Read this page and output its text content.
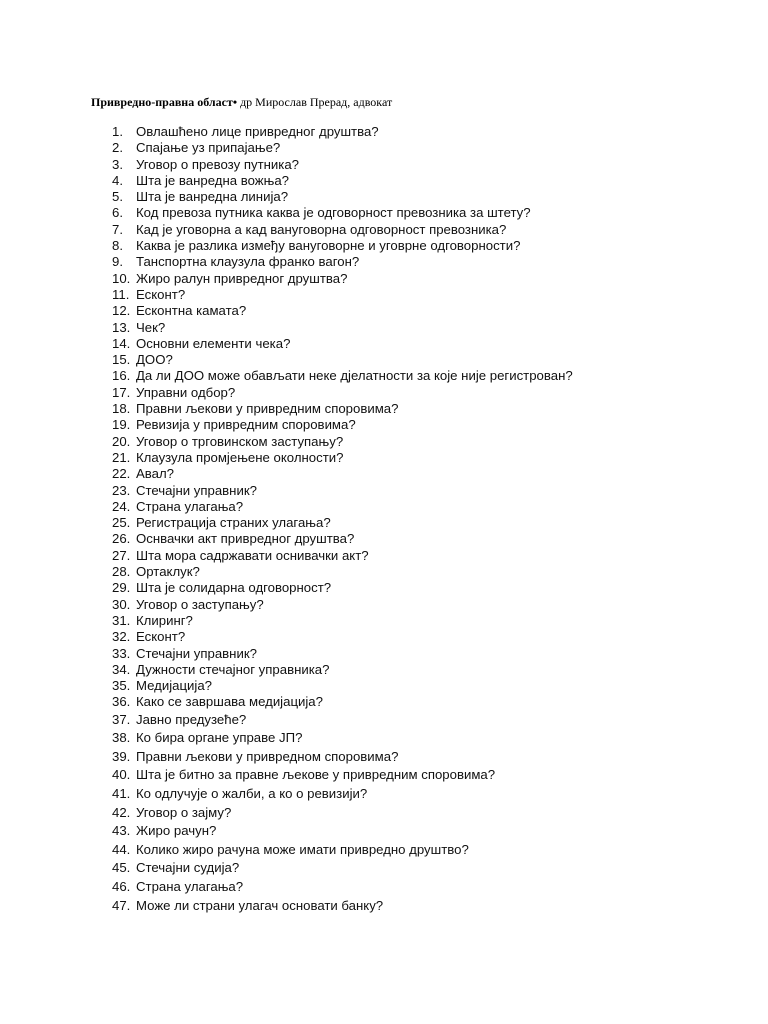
Привредно-правна област• др Мирослав Прерад, адвокат
1. Овлашћено лице привредног друштва?
2. Спајање уз припајање?
3. Уговор о превозу путника?
4. Шта је ванредна вожња?
5. Шта је ванредна линија?
6. Код превоза путника каква је одговорност превозника за штету?
7. Кад је уговорна а кад вануговорна одговорност превозника?
8. Каква је разлика између вануговорне и уговрне одговорности?
9. Танспортна клаузула франко вагон?
10. Жиро ралун привредног друштва?
11. Есконт?
12. Есконтна камата?
13. Чек?
14. Основни елементи чека?
15. ДОО?
16. Да ли ДОО може обављати неке дјелатности за које није регистрован?
17. Управни одбор?
18. Правни љекови у привредним споровима?
19. Ревизија у привредним споровима?
20. Уговор о трговинском заступању?
21. Клаузула промјењене околности?
22. Авал?
23. Стечајни управник?
24. Страна улагања?
25. Регистрација страних улагања?
26. Оснвачки акт привредног друштва?
27. Шта мора садржавати оснивачки акт?
28. Ортаклук?
29. Шта је солидарна одговорност?
30. Уговор о заступању?
31. Клиринг?
32. Есконт?
33. Стечајни управник?
34. Дужности стечајног управника?
35. Медијација?
36. Како се завршава медијација?
37. Јавно предузеће?
38. Ко бира органе управе ЈП?
39. Правни љекови у привредном споровима?
40. Шта је битно за правне љекове у привредним споровима?
41. Ко одлучује о жалби, а ко о ревизији?
42. Уговор о зајму?
43. Жиро рачун?
44. Колико жиро рачуна може имати привредно друштво?
45. Стечајни судија?
46. Страна улагања?
47. Може ли страни улагач основати банку?
